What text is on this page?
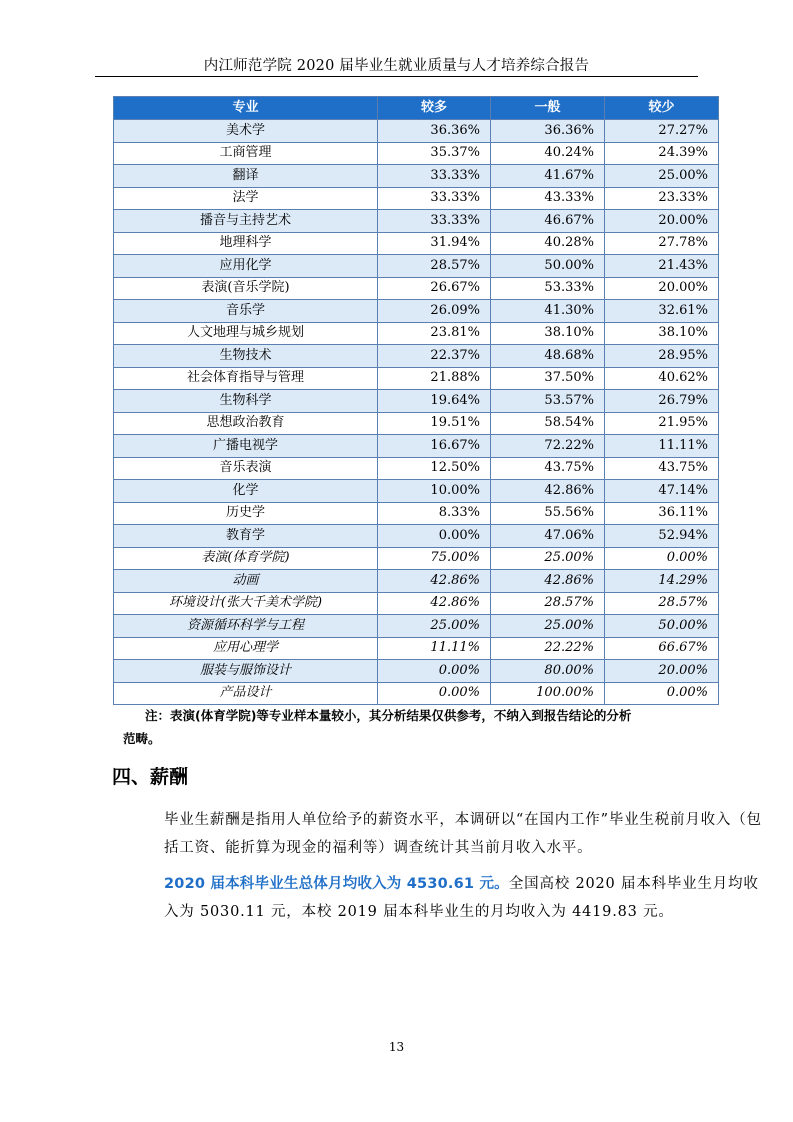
内江师范学院 2020 届毕业生就业质量与人才培养综合报告
专业	较多	一般	较少
美术学	36.36%	36.36%	27.27%
工商管理	35.37%	40.24%	24.39%
翻译	33.33%	41.67%	25.00%
法学	33.33%	43.33%	23.33%
播音与主持艺术	33.33%	46.67%	20.00%
地理科学	31.94%	40.28%	27.78%
应用化学	28.57%	50.00%	21.43%
表演(音乐学院)	26.67%	53.33%	20.00%
音乐学	26.09%	41.30%	32.61%
人文地理与城乡规划	23.81%	38.10%	38.10%
生物技术	22.37%	48.68%	28.95%
社会体育指导与管理	21.88%	37.50%	40.62%
生物科学	19.64%	53.57%	26.79%
思想政治教育	19.51%	58.54%	21.95%
广播电视学	16.67%	72.22%	11.11%
音乐表演	12.50%	43.75%	43.75%
化学	10.00%	42.86%	47.14%
历史学	8.33%	55.56%	36.11%
教育学	0.00%	47.06%	52.94%
表演(体育学院)	75.00%	25.00%	0.00%
动画	42.86%	42.86%	14.29%
环境设计(张大千美术学院)	42.86%	28.57%	28.57%
资源循环科学与工程	25.00%	25.00%	50.00%
应用心理学	11.11%	22.22%	66.67%
服装与服饰设计	0.00%	80.00%	20.00%
产品设计	0.00%	100.00%	0.00%
注：表演(体育学院)等专业样本量较小，其分析结果仅供参考，不纳入到报告结论的分析
范畴。
四、薪酬
毕业生薪酬是指用人单位给予的薪资水平，本调研以“在国内工作”毕业生税前月收入（包括工资、能折算为现金的福利等）调查统计其当前月收入水平。
2020 届本科毕业生总体月均收入为 4530.61 元。全国高校 2020 届本科毕业生月均收入为 5030.11 元，本校 2019 届本科毕业生的月均收入为 4419.83 元。
13
